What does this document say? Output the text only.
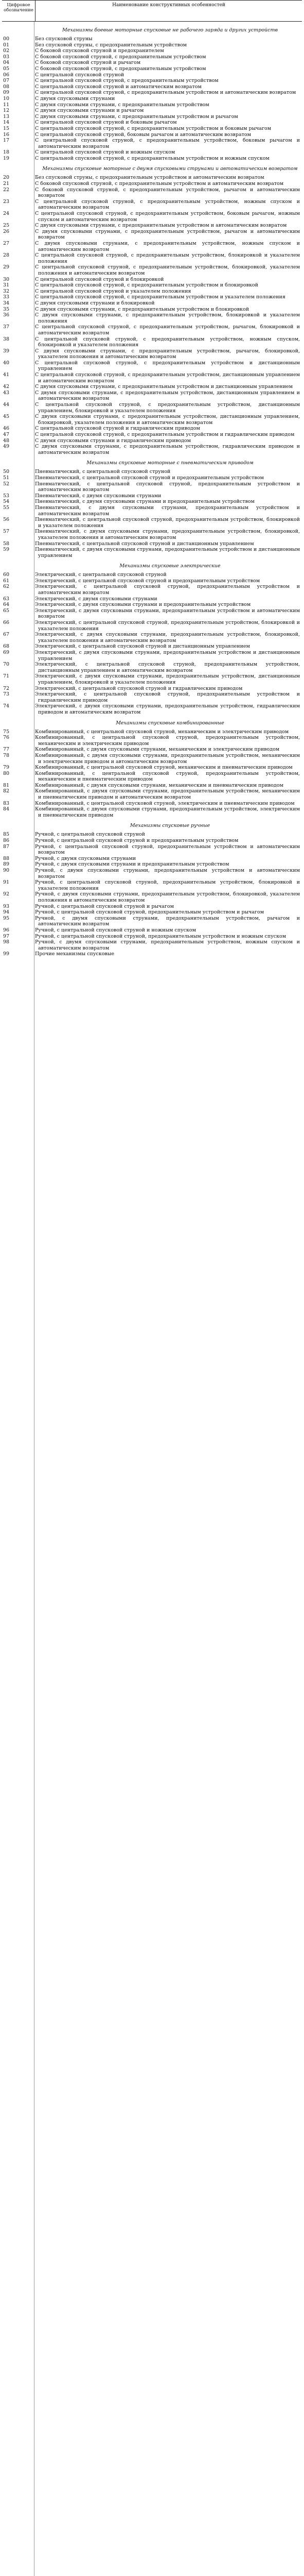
Цифровое обозначение
Наименование конструктивных особенностей
Механизмы боевые моторные спусковые не рабочего заряда и других устройств
00	Без спусковой струны
01	Без спусковой струны, с предохранительным устройством
02	С боковой спусковой струной и предохранителем
03	С боковой спусковой струной, с предохранительным устройством
04	С боковой спусковой струной и рычагом
05	С боковой спусковой струной, с предохранительным устройством
06	С центральной спусковой струной
07	С центральной спусковой струной, с предохранительным устройством
08	С центральной спусковой струной и автоматическим возвратом
09	С центральной спусковой струной, с предохранительным устройством и автоматическим возвратом
10	С двумя спусковыми струнами
11	С двумя спусковыми струнами, с предохранительным устройством
12	С двумя спусковыми струнами и рычагом
13	С двумя спусковыми струнами, с предохранительным устройством и рычагом
14	С центральной спусковой струной и боковым рычагом
15	С центральной спусковой струной, с предохранительным устройством и боковым рычагом
16	С центральной спусковой струной, боковым рычагом и автоматическим возвратом
17	С центральной спусковой струной, с предохранительным устройством, боковым рычагом и автоматическим возвратом
18	С центральной спусковой струной и ножным спуском
19	С центральной спусковой струной, с предохранительным устройством и ножным спуском
Механизмы спусковые моторные с двумя спусковыми струнами и автоматическим возвратом
20	Без спусковой струны, с предохранительным устройством и автоматическим возвратом
21	С боковой спусковой струной, с предохранительным устройством и автоматическим возвратом
22	С боковой спусковой струной, с предохранительным устройством, рычагом и автоматическим возвратом
23	С центральной спусковой струной, с предохранительным устройством, ножным спуском и автоматическим возвратом
24	С центральной спусковой струной, с предохранительным устройством, боковым рычагом, ножным спуском и автоматическим возвратом
25	С двумя спусковыми струнами, с предохранительным устройством и автоматическим возвратом
26	С двумя спусковыми струнами, с предохранительным устройством, рычагом и автоматическим возвратом
27	С двумя спусковыми струнами, с предохранительным устройством, ножным спуском и автоматическим возвратом
28	С центральной спусковой струной, с предохранительным устройством, блокировкой и указателем положения
29	С центральной спусковой струной, с предохранительным устройством, блокировкой, указателем положения и автоматическим возвратом
30	С центральной спусковой струной и блокировкой
31	С центральной спусковой струной, с предохранительным устройством и блокировкой
32	С центральной спусковой струной и указателем положения
33	С центральной спусковой струной, с предохранительным устройством и указателем положения
34	С двумя спусковыми струнами и блокировкой
35	С двумя спусковыми струнами, с предохранительным устройством и блокировкой
36	С двумя спусковыми струнами, с предохранительным устройством, блокировкой и указателем положения
37	С центральной спусковой струной, с предохранительным устройством, рычагом, блокировкой и автоматическим возвратом
38	С центральной спусковой струной, с предохранительным устройством, ножным спуском, блокировкой и указателем положения
39	С двумя спусковыми струнами, с предохранительным устройством, рычагом, блокировкой, указателем положения и автоматическим возвратом
40	С центральной спусковой струной, с предохранительным устройством и дистанционным управлением
41	С центральной спусковой струной, с предохранительным устройством, дистанционным управлением и автоматическим возвратом
42	С двумя спусковыми струнами, с предохранительным устройством и дистанционным управлением
43	С двумя спусковыми струнами, с предохранительным устройством, дистанционным управлением и автоматическим возвратом
44	С центральной спусковой струной, с предохранительным устройством, дистанционным управлением, блокировкой и указателем положения
45	С двумя спусковыми струнами, с предохранительным устройством, дистанционным управлением, блокировкой, указателем положения и автоматическим возвратом
46	С центральной спусковой струной и гидравлическим приводом
47	С центральной спусковой струной, с предохранительным устройством и гидравлическим приводом
48	С двумя спусковыми струнами и гидравлическим приводом
49	С двумя спусковыми струнами, с предохранительным устройством, гидравлическим приводом и автоматическим возвратом
Механизмы спусковые моторные с пневматическим приводом
50	Пневматический, с центральной спусковой струной
51	Пневматический, с центральной спусковой струной и предохранительным устройством
52	Пневматический, с центральной спусковой струной, предохранительным устройством и автоматическим возвратом
53	Пневматический, с двумя спусковыми струнами
54	Пневматический, с двумя спусковыми струнами и предохранительным устройством
55	Пневматический, с двумя спусковыми струнами, предохранительным устройством и автоматическим возвратом
56	Пневматический, с центральной спусковой струной, предохранительным устройством, блокировкой и указателем положения
57	Пневматический, с двумя спусковыми струнами, предохранительным устройством, блокировкой, указателем положения и автоматическим возвратом
58	Пневматический, с центральной спусковой струной и дистанционным управлением
59	Пневматический, с двумя спусковыми струнами, предохранительным устройством и дистанционным управлением
Механизмы спусковые электрические
60	Электрический, с центральной спусковой струной
61	Электрический, с центральной спусковой струной и предохранительным устройством
62	Электрический, с центральной спусковой струной, предохранительным устройством и автоматическим возвратом
63	Электрический, с двумя спусковыми струнами
64	Электрический, с двумя спусковыми струнами и предохранительным устройством
65	Электрический, с двумя спусковыми струнами, предохранительным устройством и автоматическим возвратом
66	Электрический, с центральной спусковой струной, предохранительным устройством, блокировкой и указателем положения
67	Электрический, с двумя спусковыми струнами, предохранительным устройством, блокировкой, указателем положения и автоматическим возвратом
68	Электрический, с центральной спусковой струной и дистанционным управлением
69	Электрический, с двумя спусковыми струнами, предохранительным устройством и дистанционным управлением
70	Электрический, с центральной спусковой струной, предохранительным устройством, дистанционным управлением и автоматическим возвратом
71	Электрический, с двумя спусковыми струнами, предохранительным устройством, дистанционным управлением, блокировкой и указателем положения
72	Электрический, с центральной спусковой струной и гидравлическим приводом
73	Электрический, с центральной спусковой струной, предохранительным устройством и гидравлическим приводом
74	Электрический, с двумя спусковыми струнами, предохранительным устройством, гидравлическим приводом и автоматическим возвратом
Механизмы спусковые комбинированные
75	Комбинированный, с центральной спусковой струной, механическим и электрическим приводом
76	Комбинированный, с центральной спусковой струной, предохранительным устройством, механическим и электрическим приводом
77	Комбинированный, с двумя спусковыми струнами, механическим и электрическим приводом
78	Комбинированный, с двумя спусковыми струнами, предохранительным устройством, механическим и электрическим приводом и автоматическим возвратом
79	Комбинированный, с центральной спусковой струной, механическим и пневматическим приводом
80	Комбинированный, с центральной спусковой струной, предохранительным устройством, механическим и пневматическим приводом
81	Комбинированный, с двумя спусковыми струнами, механическим и пневматическим приводом
82	Комбинированный, с двумя спусковыми струнами, предохранительным устройством, механическим и пневматическим приводом и автоматическим возвратом
83	Комбинированный, с центральной спусковой струной, электрическим и пневматическим приводом
84	Комбинированный, с двумя спусковыми струнами, предохранительным устройством, электрическим и пневматическим приводом
Механизмы спусковые ручные
85	Ручной, с центральной спусковой струной
86	Ручной, с центральной спусковой струной и предохранительным устройством
87	Ручной, с центральной спусковой струной, предохранительным устройством и автоматическим возвратом
88	Ручной, с двумя спусковыми струнами
89	Ручной, с двумя спусковыми струнами и предохранительным устройством
90	Ручной, с двумя спусковыми струнами, предохранительным устройством и автоматическим возвратом
91	Ручной, с центральной спусковой струной, предохранительным устройством, блокировкой и указателем положения
92	Ручной, с двумя спусковыми струнами, предохранительным устройством, блокировкой, указателем положения и автоматическим возвратом
93	Ручной, с центральной спусковой струной и рычагом
94	Ручной, с центральной спусковой струной, предохранительным устройством и рычагом
95	Ручной, с двумя спусковыми струнами, предохранительным устройством, рычагом и автоматическим возвратом
96	Ручной, с центральной спусковой струной и ножным спуском
97	Ручной, с центральной спусковой струной, предохранительным устройством и ножным спуском
98	Ручной, с двумя спусковыми струнами, предохранительным устройством, ножным спуском и автоматическим возвратом
99	Прочие механизмы спусковые
